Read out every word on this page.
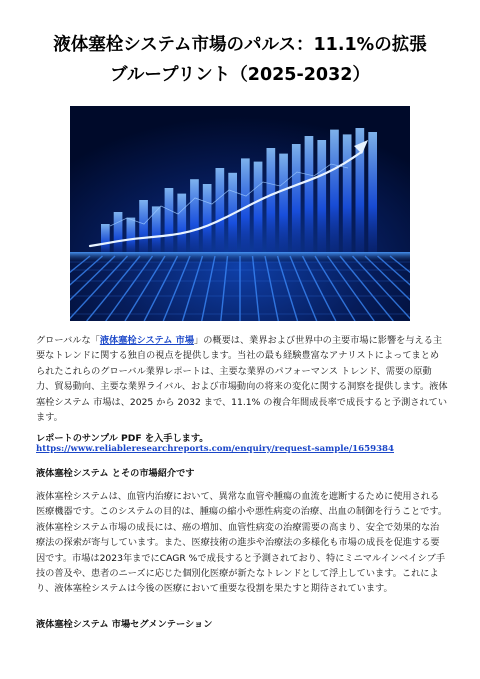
液体塞栓システム市場のパルス：11.1%の拡張
ブループリント（2025-2032）

グローバルな「液体塞栓システム 市場」の概要は、業界および世界中の主要市場に影響を与える主要なトレンドに関する独自の視点を提供します。当社の最も経験豊富なアナリストによってまとめられたこれらのグローバル業界レポートは、主要な業界のパフォーマンス トレンド、需要の原動力、貿易動向、主要な業界ライバル、および市場動向の将来の変化に関する洞察を提供します。液体塞栓システム 市場は、2025 から 2032 まで、11.1% の複合年間成長率で成長すると予測されています。

レポートのサンプル PDF を入手します。

https://www.reliableresearchreports.com/enquiry/request-sample/1659384

液体塞栓システム とその市場紹介です

液体塞栓システムは、血管内治療において、異常な血管や腫瘍の血流を遮断するために使用される医療機器です。このシステムの目的は、腫瘍の縮小や悪性病変の治療、出血の制御を行うことです。液体塞栓システム市場の成長には、癌の増加、血管性病変の治療需要の高まり、安全で効果的な治療法の探索が寄与しています。また、医療技術の進歩や治療法の多様化も市場の成長を促進する要因です。市場は2023年までにCAGR %で成長すると予測されており、特にミニマルインベイシブ手技の普及や、患者のニーズに応じた個別化医療が新たなトレンドとして浮上しています。これにより、液体塞栓システムは今後の医療において重要な役割を果たすと期待されています。

液体塞栓システム 市場セグメンテーション
